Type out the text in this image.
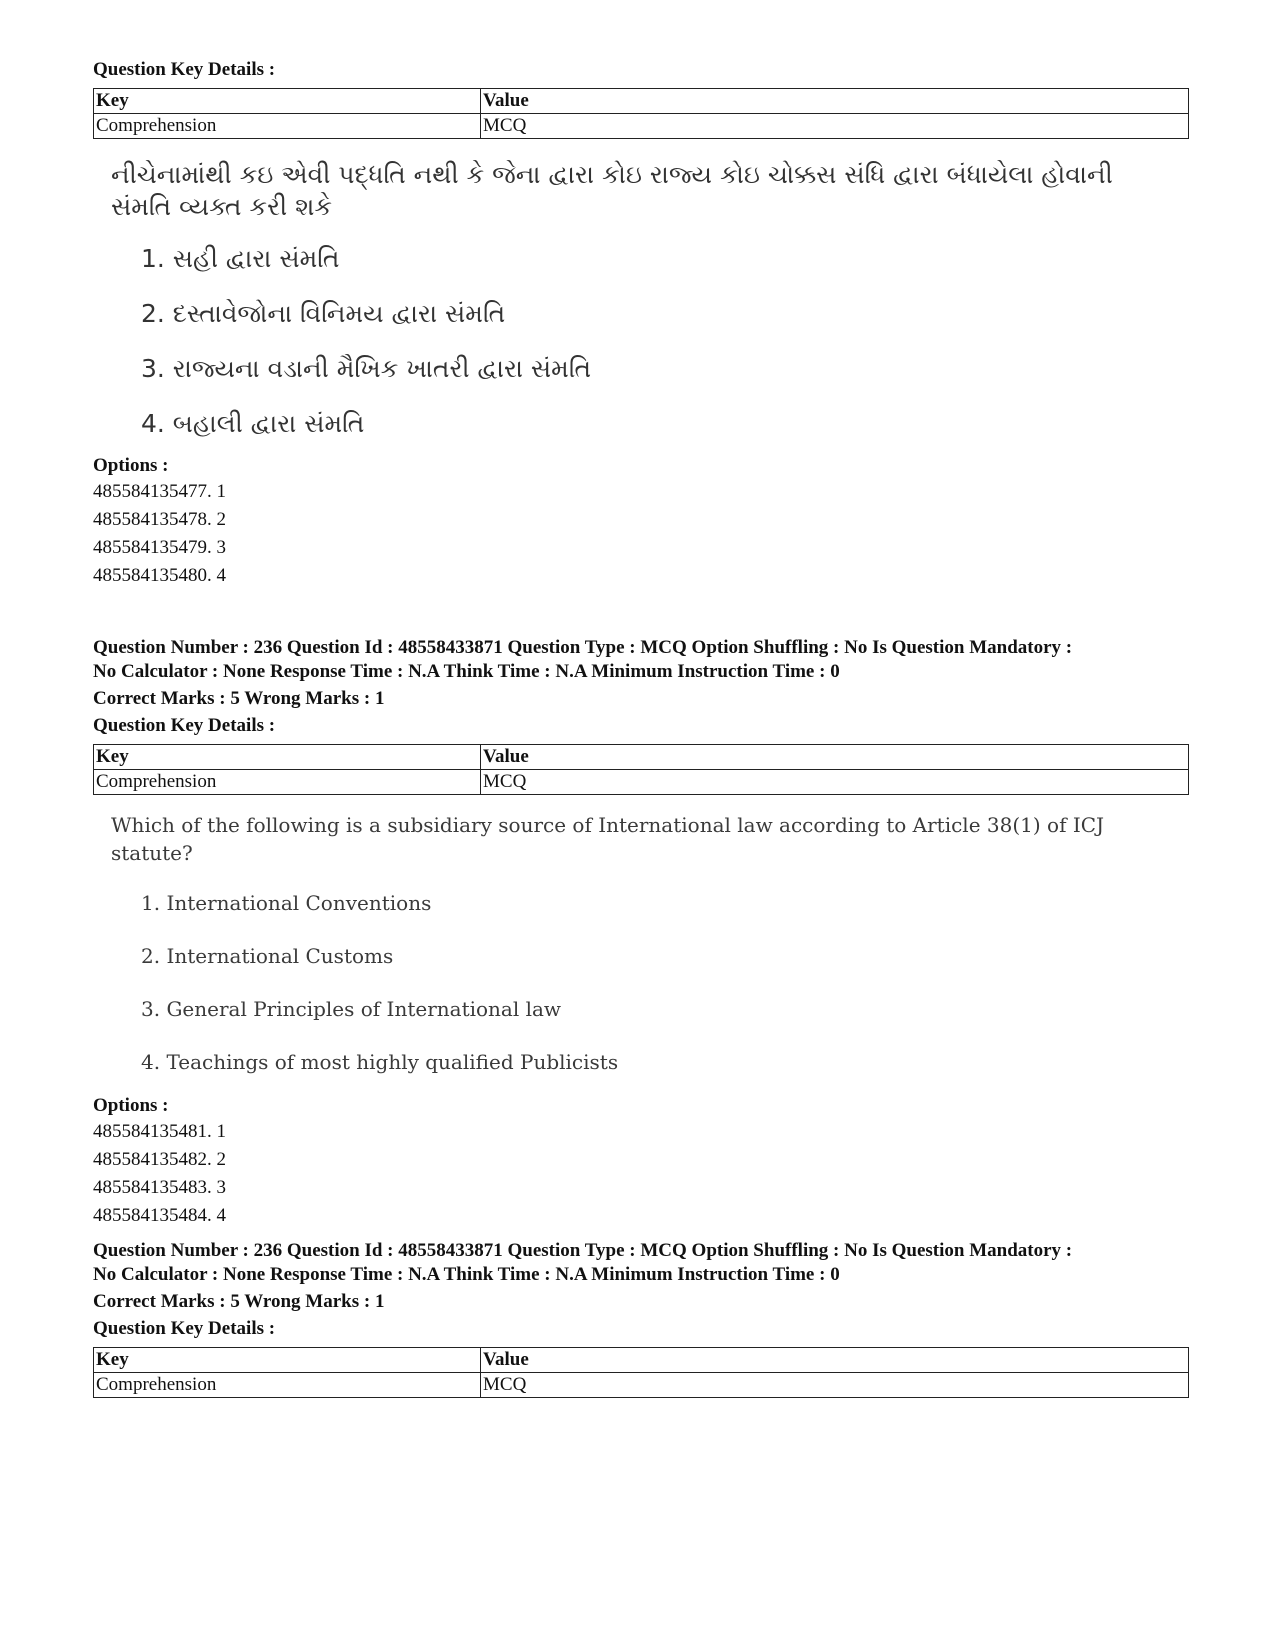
Question Key Details :
Key	Value
Comprehension	MCQ
નીચેનામાંથી કઇ એવી પદ્ધતિ નથી કે જેના દ્વારા કોઇ રાજ્ય કોઇ ચોક્કસ સંધિ દ્વારા બંધાયેલા હોવાની સંમતિ વ્યક્ત કરી શકે
1. સહી દ્વારા સંમતિ
2. દસ્તાવેજોના વિનિમય દ્વારા સંમતિ
3. રાજ્યના વડાની મૈખિક ખાતરી દ્વારા સંમતિ
4. બહાલી દ્વારા સંમતિ
Options :
485584135477. 1
485584135478. 2
485584135479. 3
485584135480. 4
Question Number : 236 Question Id : 48558433871 Question Type : MCQ Option Shuffling : No Is Question Mandatory :
No Calculator : None Response Time : N.A Think Time : N.A Minimum Instruction Time : 0
Correct Marks : 5 Wrong Marks : 1
Question Key Details :
Key	Value
Comprehension	MCQ
Which of the following is a subsidiary source of International law according to Article 38(1) of ICJ statute?
1. International Conventions
2. International Customs
3. General Principles of International law
4. Teachings of most highly qualified Publicists
Options :
485584135481. 1
485584135482. 2
485584135483. 3
485584135484. 4
Question Number : 236 Question Id : 48558433871 Question Type : MCQ Option Shuffling : No Is Question Mandatory :
No Calculator : None Response Time : N.A Think Time : N.A Minimum Instruction Time : 0
Correct Marks : 5 Wrong Marks : 1
Question Key Details :
Key	Value
Comprehension	MCQ
